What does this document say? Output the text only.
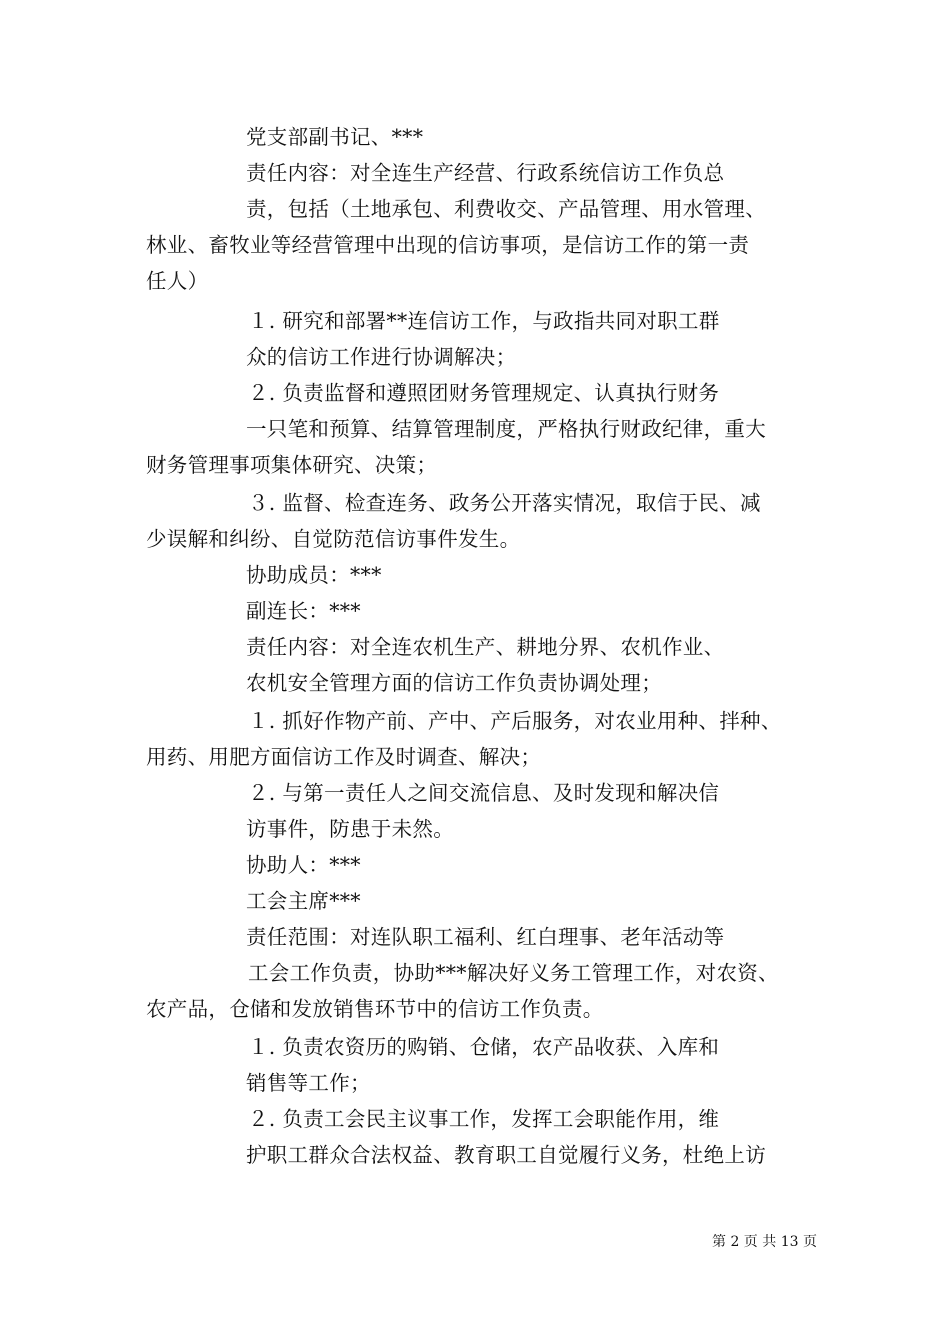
党支部副书记、***
责任内容：对全连生产经营、行政系统信访工作负总
责，包括（土地承包、利费收交、产品管理、用水管理、
林业、畜牧业等经营管理中出现的信访事项，是信访工作的第一责
任人）
１. 研究和部署**连信访工作，与政指共同对职工群
众的信访工作进行协调解决；
２. 负责监督和遵照团财务管理规定、认真执行财务
一只笔和预算、结算管理制度，严格执行财政纪律，重大
财务管理事项集体研究、决策；
３. 监督、检查连务、政务公开落实情况，取信于民、减
少误解和纠纷、自觉防范信访事件发生。
协助成员：***
副连长：***
责任内容：对全连农机生产、耕地分界、农机作业、
农机安全管理方面的信访工作负责协调处理；
１. 抓好作物产前、产中、产后服务，对农业用种、拌种、
用药、用肥方面信访工作及时调查、解决；
２. 与第一责任人之间交流信息、及时发现和解决信
访事件，防患于未然。
协助人：***
工会主席***
责任范围：对连队职工福利、红白理事、老年活动等
工会工作负责，协助***解决好义务工管理工作，对农资、
农产品，仓储和发放销售环节中的信访工作负责。
１. 负责农资历的购销、仓储，农产品收获、入库和
销售等工作；
２. 负责工会民主议事工作，发挥工会职能作用，维
护职工群众合法权益、教育职工自觉履行义务，杜绝上访
第 2 页 共 13 页
